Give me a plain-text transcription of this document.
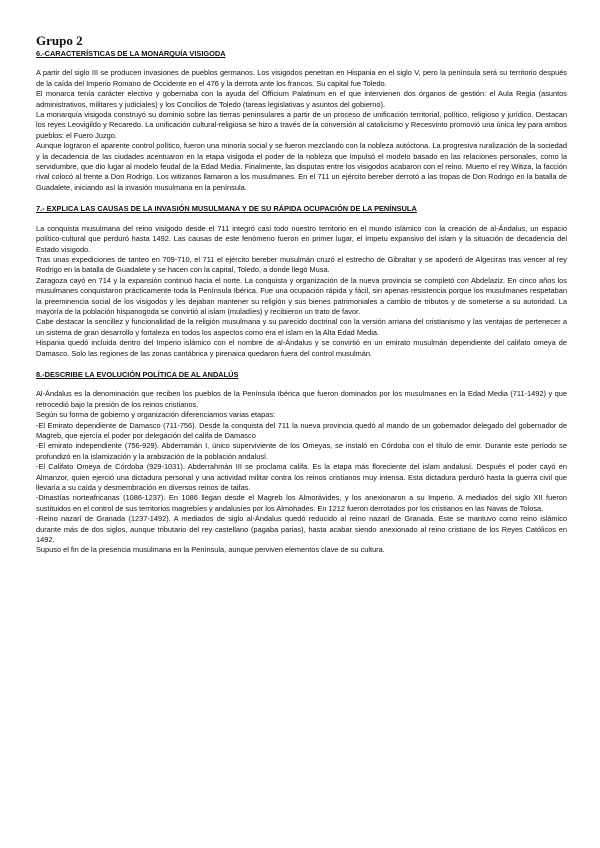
Grupo 2
6.-CARACTERÍSTICAS DE LA MONARQUÍA VISIGODA

A partir del siglo III se producen invasiones de pueblos germanos. Los visigodos penetran en Hispania en el siglo V, pero la península será su territorio después de la caída del Imperio Romano de Occidente en el 476 y la derrota ante los francos. Su capital fue Toledo.

El monarca tenía carácter electivo y gobernaba con la ayuda del Officium Palatinum en el que intervienen dos órganos de gestión: el Aula Regia (asuntos administrativos, militares y judiciales) y los Concilios de Toledo (tareas legislativas y asuntos del gobierno).

La monarquía visigoda construyó su dominio sobre las tierras peninsulares a partir de un proceso de unificación territorial, político, religioso y jurídico. Destacan los reyes Leovigildo y Recaredo. La unificación cultural-religiosa se hizo a través de la conversión al catolicismo y Recesvinto promovió una única ley para ambos pueblos: el Fuero Juzgo.

Aunque lograron el aparente control político, fueron una minoría social y se fueron mezclando con la nobleza autóctona. La progresiva ruralización de la sociedad y la decadencia de las ciudades acentuaron en la etapa visigoda el poder de la nobleza que impulsó el modelo basado en las relaciones personales, como la servidumbre, que dio lugar al modelo feudal de la Edad Media. Finalmente, las disputas entre los visigodos acabaron con el reino. Muerto el rey Witiza, la facción rival colocó al frente a Don Rodrigo. Los witizanos llamaron a los musulmanes. En el 711 un ejército bereber derrotó a las tropas de Don Rodrigo en la batalla de Guadalete, iniciando así la invasión musulmana en la península.

7.- EXPLICA LAS CAUSAS DE LA INVASIÓN MUSULMANA Y DE SU RÁPIDA OCUPACIÓN DE LA PENÍNSULA

La conquista musulmana del reino visigodo desde el 711 integró casi todo nuestro territorio en el mundo islámico con la creación de al-Ándalus, un espacio político-cultural que perduró hasta 1492. Las causas de este fenómeno fueron en primer lugar, el ímpetu expansivo del islam y la situación de decadencia del Estado visigodo.

Tras unas expediciones de tanteo en 709-710, el 711 el ejército bereber musulmán cruzó el estrecho de Gibraltar y se apoderó de Algeciras tras vencer al rey Rodrigo en la batalla de Guadalete y se hacen con la capital, Toledo, a donde llegó Musa.

Zaragoza cayó en 714 y la expansión continuó hacia el norte. La conquista y organización de la nueva provincia se completó con Abdelaziz. En cinco años los musulmanes conquistaron prácticamente toda la Península Ibérica. Fue una ocupación rápida y fácil, sin apenas resistencia porque los musulmanes respetaban la preeminencia social de los visigodos y les dejaban mantener su religión y sus bienes patrimoniales a cambio de tributos y de someterse a su autoridad. La mayoría de la población hispanogoda se convirtió al islam (muladíes) y recibieron un trato de favor.

Cabe destacar la sencillez y funcionalidad de la religión musulmana y su parecido doctrinal con la versión arriana del cristianismo y las ventajas de pertenecer a un sistema de gran desarrollo y fortaleza en todos los aspectos como era el islam en la Alta Edad Media.

Hispania quedó incluida dentro del Imperio islámico con el nombre de al-Ándalus y se convirtió en un emirato musulmán dependiente del califato omeya de Damasco. Solo las regiones de las zonas cantábrica y pirenaica quedaron fuera del control musulmán.

8.-DESCRIBE LA EVOLUCIÓN POLÍTICA DE AL ANDALÚS

Al-Ándalus es la denominación que reciben los pueblos de la Península Ibérica que fueron dominados por los musulmanes en la Edad Media (711-1492) y que retrocedió bajo la presión de los reinos cristianos.

Según su forma de gobierno y organización diferenciamos varias etapas:

-El Emirato dependiente de Damasco (711-756). Desde la conquista del 711 la nueva provincia quedó al mando de un gobernador delegado del gobernador de Magreb, que ejercía el poder por delegación del califa de Damasco

-El emirato independiente (756-929). Abderramán I, único superviviente de los Omeyas, se instaló en Córdoba con el título de emir. Durante este período se profundizó en la islamización y la arabización de la población andalusí.

-El Califato Omeya de Córdoba (929-1031). Abderrahmán III se proclama califa. Es la etapa más floreciente del islam andalusí. Después el poder cayó en Almanzor, quien ejerció una dictadura personal y una actividad militar contra los reinos cristianos muy intensa. Esta dictadura perduró hasta la guerra civil que llevaría a su caída y desmembración en diversos reinos de taifas.

-Dinastías norteafricanas (1086-1237). En 1086 llegan desde el Magreb los Almorávides, y los anexionaron a su Imperio. A mediados del siglo XII fueron sustituidos en el control de sus territorios magrebíes y andalusíes por los Almohades. En 1212 fueron derrotados por los cristianos en las Navas de Tolosa.

-Reino nazarí de Granada (1237-1492). A mediados de siglo al-Ándalus quedó reducido al reino nazarí de Granada. Este se mantuvo como reino islámico durante más de dos siglos, aunque tributario del rey castellano (pagaba parias), hasta acabar siendo anexionado al reino cristiano de los Reyes Católicos en 1492.

Supuso el fin de la presencia musulmana en la Península, aunque perviven elementos clave de su cultura.
